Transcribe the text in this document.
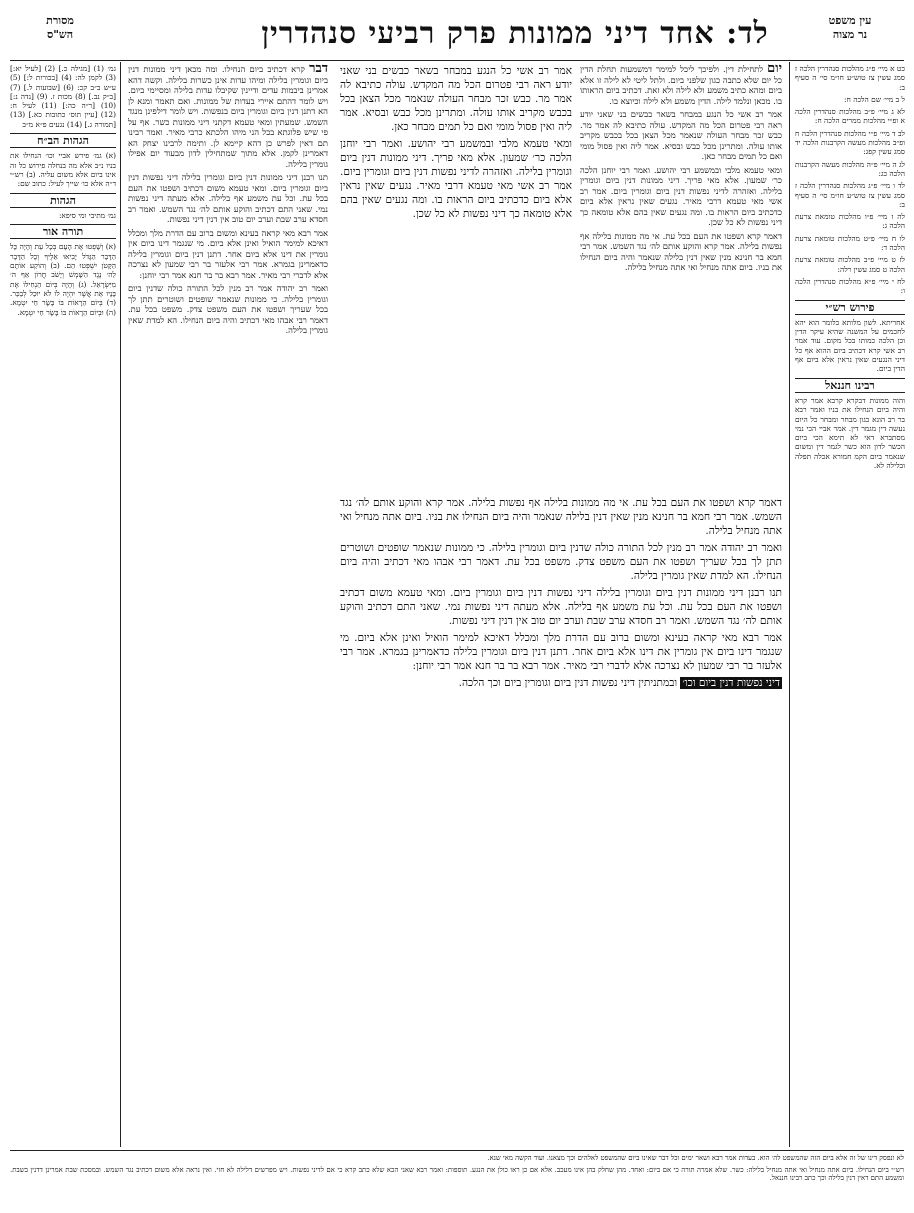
עין משפט
נר מצוה
לד: אחד דיני ממונות פרק רביעי סנהדרין
מסורת
הש"ס
כט א מיי׳ פ״ג מהלכות סנהדרין הלכה ז סמג עשין צז טוש״ע חו״מ סי׳ ה סעיף ב:
ל ב מיי׳ שם הלכה ח:
לא ג מיי׳ פ״ב מהלכות סנהדרין הלכה א ופ״י מהלכות ממרים הלכה ח:
לב ד מיי׳ פ״י מהלכות סנהדרין הלכה ח ופ״ב מהלכות מעשה הקרבנות הלכה יד סמג עשין קפג:
לג ה מיי׳ פ״ה מהלכות מעשה הקרבנות הלכה כג:
לד ו מיי׳ פ״ג מהלכות סנהדרין הלכה ז סמג עשין צז טוש״ע חו״מ סי׳ ה סעיף ב:
לה ז מיי׳ פ״ו מהלכות טומאת צרעת הלכה ג:
לו ח מיי׳ פ״ט מהלכות טומאת צרעת הלכה ד:
לז ט מיי׳ פ״ב מהלכות טומאת צרעת הלכה ט סמג עשין רלה:
לח י מיי׳ פ״א מהלכות סנהדרין הלכה ו:
פירוש רש״י
אחריתא. לשון מלותא כלומר הוא יהא לחכמים על המשנה שהיא עיקר הדין וכן הלכה כמותו בכל מקום. עוד אמר רב אשי קרא דכתיב ביום ההוא אף כל דיני הנגעים שאין נראין אלא ביום אף הדין ביום.
רבינו חננאל
והוה ממונות דבקרא קרבא אמר קרא והיה ביום הנחילו את בניו ואמר רבא בר רב הונא כגון מבחר ומבחר כל היום נעשה דין מגמר דין. אמר אביי הכי נמי מסתברא דאי לא תימא הכי ביום הכשר לדון הוא כשר לגמר דין ומשום שנאמר ביום הקמ חמורא אכלה תפלה ובלילה לא.
יום לתחילת דין. ולפיכך ליכל למימר דמשמעות תחלת הדין כל יום שלא כתבה כגון שלפני ביום. ולתל ליטי לא לילה זו אלא ביום ומהא כתיב משמע ולא לילה ולא זאת. דכתיב ביום הראותו בו. מכאן ונלמד לילה. הדין משמע ולא לילה וכיוצא בו.
אמר רב אשי כל הנגע במבחר בשאר כבשים בני שאני יודע ראה רבי פטרום הכל מה המקדש. עולה כתיבא לה אמר מר. כבש זכר מבחר העולה שנאמר מכל הצאן בכל בכבש מקריב אותו עולה. ומתרינן מכל כבש ובסיא. אמר ליה ואין פסול מומי ואם כל תמים מבחר כאן.
ומאי טעמא מלבי ובמשמע רבי יהושע. ואמר רבי יוחנן הלכה כר׳ שמעון. אלא מאי פריך. דיני ממונות דנין ביום וגומרין בלילה. ואזהרה לדיני נפשות דנין ביום וגומרין ביום. אמר רב אשי מאי טעמא דרבי מאיר. נגעים שאין נראין אלא ביום כדכתיב ביום הראות בו. ומה נגעים שאין בהם אלא טומאה כך דיני נפשות לא כל שכן.
דאמר קרא ושפטו את העם בכל עת. אי מה ממונות בלילה אף נפשות בלילה. אמר קרא והוקע אותם לה׳ נגד השמש. אמר רבי חמא בר חנינא מנין שאין דנין בלילה שנאמר והיה ביום הנחילו את בניו. ביום אתה מנחיל ואי אתה מנחיל בלילה.
דבר קרא דכתיב ביום הנחילו. ומה מכאן דיני ממונות דנין ביום וגומרין בלילה ומיהו עדות אינן כשרות בלילה. וקשה דהא אמרינן ביבמות עדים ודיינין שקיבלו עדות בלילה ומסיימי ביום. ויש לומר דהתם איירי בעדות של ממונות. ואם תאמר ומנא לן הא דתנן דנין ביום וגומרין ביום בנפשות. ויש לומר דילפינן מנגד השמש. שמעתין ומאי טעמא דקתני דיני ממונות כשר. אף על פי שיש פלוגתא בכל הני מיהו הלכתא כרבי מאיר. ואמר רבינו תם דאין לפרש כן דהא קיימא לן. ותימה לרבינו יצחק הא דאמרינן לקמן. אלא מתוך שמתחילין לדון מבעוד יום אפילו גומרין בלילה.
תנו רבנן דיני ממונות דנין ביום וגומרין בלילה דיני נפשות דנין ביום וגומרין ביום. ומאי טעמא משום דכתיב ושפטו את העם בכל עת. וכל עת משמע אף בלילה. אלא מעתה דיני נפשות נמי. שאני התם דכתיב והוקע אותם לה׳ נגד השמש. ואמר רב חסדא ערב שבת וערב יום טוב אין דנין דיני נפשות.
אמר רבא מאי קראה בעינא ומשום ברוב עם הדרת מלך ומכלל דאיכא למימר הואיל ואינן אלא ביום. מי שנגמר דינו ביום אין גומרין את דינו אלא ביום אחר. דתנן דנין ביום וגומרין בלילה כדאמרינן בגמרא. אמר רבי אלעזר בר רבי שמעון לא נצרכה אלא לדברי רבי מאיר. אמר רבא בר בר חנא אמר רבי יוחנן:
ואמר רב יהודה אמר רב מנין לכל התורה כולה שדנין ביום וגומרין בלילה. כי ממונות שנאמר שופטים ושוטרים תתן לך בכל שעריך ושפטו את העם משפט צדק. משפט בכל עת. דאמר רבי אבהו מאי דכתיב והיה ביום הנחילו. הא למדת שאין גומרין בלילה.
אמר רב אשי כל הנגע במבחר בשאר כבשים בני שאני יודע ראה רבי פטרום הכל מה המקדש. עולה כתיבא לה אמר מר. כבש זכר מבחר העולה שנאמר מכל הצאן בכל בכבש מקריב אותו עולה. ומתרינן מכל כבש ובסיא. אמר ליה ואין פסול מומי ואם כל תמים מבחר כאן.
ומאי טעמא מלבי ובמשמע רבי יהושע. ואמר רבי יוחנן הלכה כר׳ שמעון. אלא מאי פריך. דיני ממונות דנין ביום וגומרין בלילה. ואזהרה לדיני נפשות דנין ביום וגומרין ביום. אמר רב אשי מאי טעמא דרבי מאיר. נגעים שאין נראין אלא ביום כדכתיב ביום הראות בו. ומה נגעים שאין בהם אלא טומאה כך דיני נפשות לא כל שכן.
דאמר קרא ושפטו את העם בכל עת. אי מה ממונות בלילה אף נפשות בלילה. אמר קרא והוקע אותם לה׳ נגד השמש. אמר רבי חמא בר חנינא מנין שאין דנין בלילה שנאמר והיה ביום הנחילו את בניו. ביום אתה מנחיל ואי אתה מנחיל בלילה.
ואמר רב יהודה אמר רב מנין לכל התורה כולה שדנין ביום וגומרין בלילה. כי ממונות שנאמר שופטים ושוטרים תתן לך בכל שעריך ושפטו את העם משפט צדק. משפט בכל עת. דאמר רבי אבהו מאי דכתיב והיה ביום הנחילו. הא למדת שאין גומרין בלילה.
תנו רבנן דיני ממונות דנין ביום וגומרין בלילה דיני נפשות דנין ביום וגומרין ביום. ומאי טעמא משום דכתיב ושפטו את העם בכל עת. וכל עת משמע אף בלילה. אלא מעתה דיני נפשות נמי. שאני התם דכתיב והוקע אותם לה׳ נגד השמש. ואמר רב חסדא ערב שבת וערב יום טוב אין דנין דיני נפשות.
אמר רבא מאי קראה בעינא ומשום ברוב עם הדרת מלך ומכלל דאיכא למימר הואיל ואינן אלא ביום. מי שנגמר דינו ביום אין גומרין את דינו אלא ביום אחר. דתנן דנין ביום וגומרין בלילה כדאמרינן בגמרא. אמר רבי אלעזר בר רבי שמעון לא נצרכה אלא לדברי רבי מאיר. אמר רבא בר בר חנא אמר רבי יוחנן:
דיני נפשות דנין ביום וכו׳ ובמתניתין דיני נפשות דנין ביום וגומרין ביום וכך הלכה.
גמ׳ (1) [מגילה כ.] (2) [לעיל יא:] (3) לקמן לה: (4) [בכורות ל:] (5) ע״ש ב״ב קכ: (6) [שבועות ל.] (7) [ב״ק נב.] (8) מכות ז. (9) [נדה נ:] (10) [ר״ה כה:] (11) לעיל ח: (12) [עיין תוס׳ כתובות כא.] (13) [תמורה ג.] (14) נגעים פ״א מ״ב
הגהות הב״ח
(א) גמ׳ פירש אביי וכו׳ הנחילו את בניו נ״ב אלא מה בנחלה פירוש כל זה אינו ביום אלא משום עליה. (ב) רש״י ד״ה אלא כו׳ שייך לעיל: כתוב שם:
הגהות
גמ׳ מתיבי ומי סיפא:
תורה אור
(א) וְשָׁפְטוּ אֶת הָעָם בְּכָל עֵת וְהָיָה כָּל הַדָּבָר הַגָּדֹל יָבִיאוּ אֵלֶיךָ וְכָל הַדָּבָר הַקָּטֹן יִשְׁפְּטוּ הֵם. (ב) וְהוֹקַע אוֹתָם לַה׳ נֶגֶד הַשָּׁמֶשׁ וְיָשֹׁב חֲרוֹן אַף ה׳ מִיִּשְׂרָאֵל. (ג) וְהָיָה בְּיוֹם הַנְחִילוֹ אֶת בָּנָיו אֵת אֲשֶׁר יִהְיֶה לוֹ לֹא יוּכַל לְבַכֵּר. (ד) בְּיוֹם הֵרָאוֹת בּוֹ בָּשָׂר חַי יִטְמָא. (ה) וּבְיוֹם הֵרָאוֹת בּוֹ בָּשָׂר חַי יִטְמָא.
לא ונפסק דינו של זה אלא ביום הזה שהמשפט לה׳ הוא. בעדות אמר רבא ושאר ימים וכל דבר שאינו ביום שהמשפט לאלהים וכך מצאנו. ועוד הקשה מאי שנא.
רש״י ביום הנחילו. ביום אתה מנחיל ואי אתה מנחיל בלילה: כשר. שלא אמרה תורה כי אם ביום: ואחד. מהן שחלק בהן אינו מעכב. אלא אם כן ראו כולן את הנגע. תוספות: ואמר רבא שאני הכא שלא כתב קרא כי אם לדיני נפשות. ויש מפרשים דלילה לא חזי. ואין נראה אלא משום דכתיב נגד השמש. ובמסכת שבת אמרינן דדנין בשבת. ומשמע התם דאין דנין בלילה וכך כתב רבינו חננאל.
